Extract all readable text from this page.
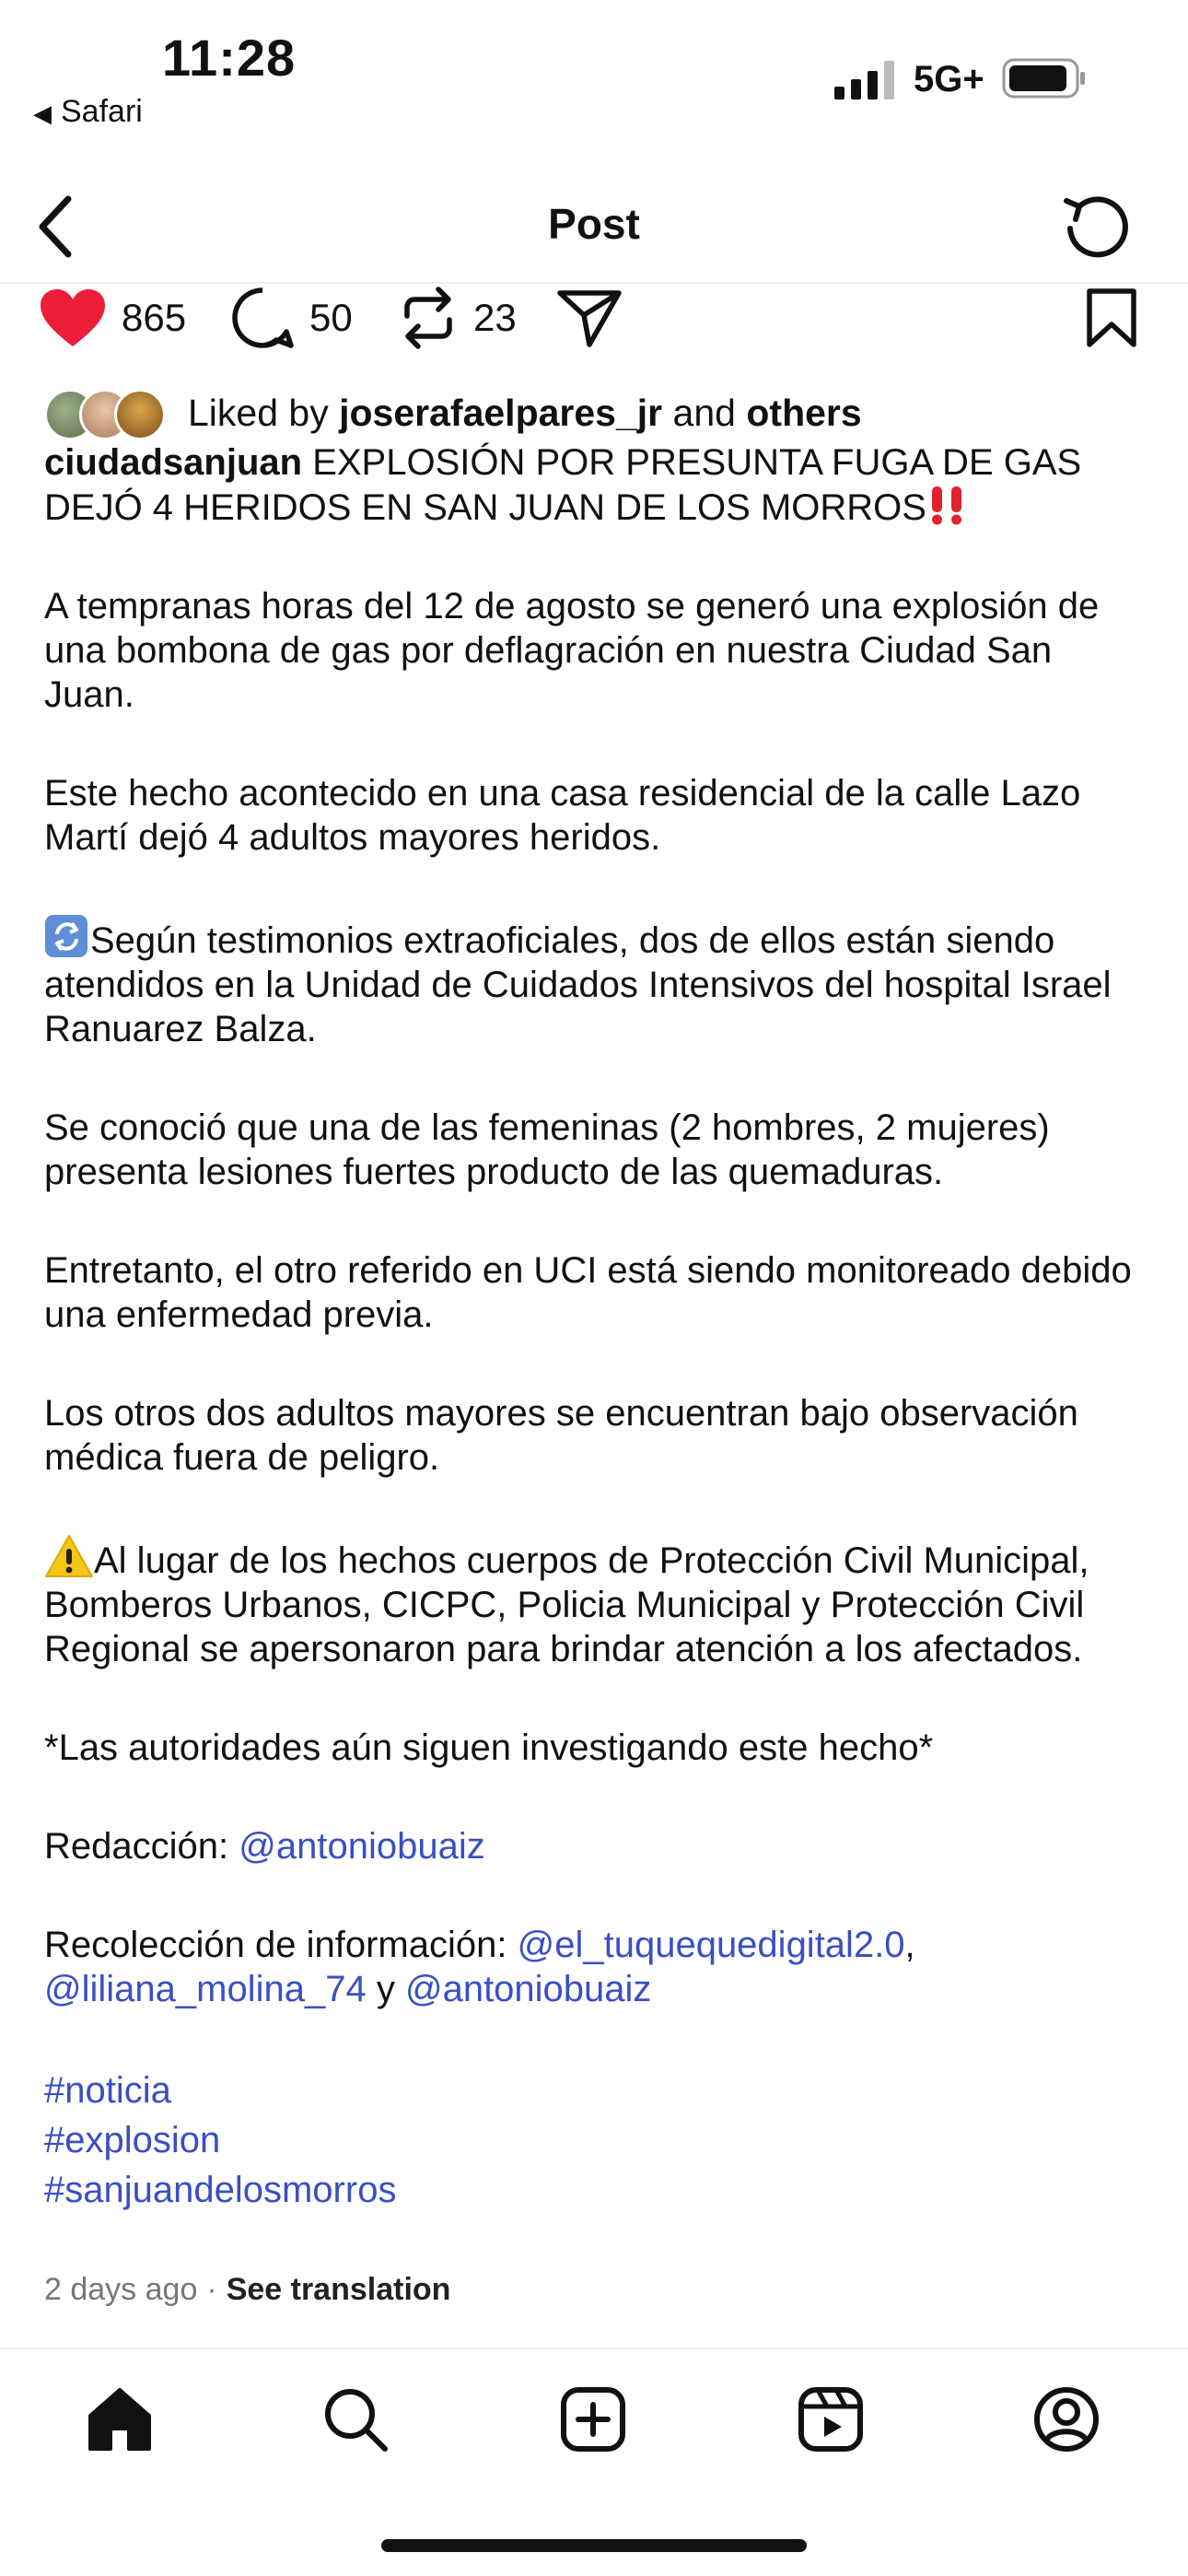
11:28
◀ Safari
5G+
Post
865	50	23
Liked by
joserafaelpares_jr
and
others

ciudadsanjuan EXPLOSIÓN POR PRESUNTA FUGA DE GAS DEJÓ 4 HERIDOS EN SAN JUAN DE LOS MORROS

A tempranas horas del 12 de agosto se generó una explosión de una bombona de gas por deflagración en nuestra Ciudad San Juan.

Este hecho acontecido en una casa residencial de la calle Lazo Martí dejó 4 adultos mayores heridos.

Según testimonios extraoficiales, dos de ellos están siendo atendidos en la Unidad de Cuidados Intensivos del hospital Israel Ranuarez Balza.

Se conoció que una de las femeninas (2 hombres, 2 mujeres) presenta lesiones fuertes producto de las quemaduras.

Entretanto, el otro referido en UCI está siendo monitoreado debido una enfermedad previa.

Los otros dos adultos mayores se encuentran bajo observación médica fuera de peligro.

Al lugar de los hechos cuerpos de Protección Civil Municipal, Bomberos Urbanos, CICPC, Policia Municipal y Protección Civil Regional se apersonaron para brindar atención a los afectados.

*Las autoridades aún siguen investigando este hecho*

Redacción: @antoniobuaiz

Recolección de información: @el_tuquequedigital2.0,
@liliana_molina_74 y @antoniobuaiz

#noticia
#explosion
#sanjuandelosmorros
2 days ago · See translation
